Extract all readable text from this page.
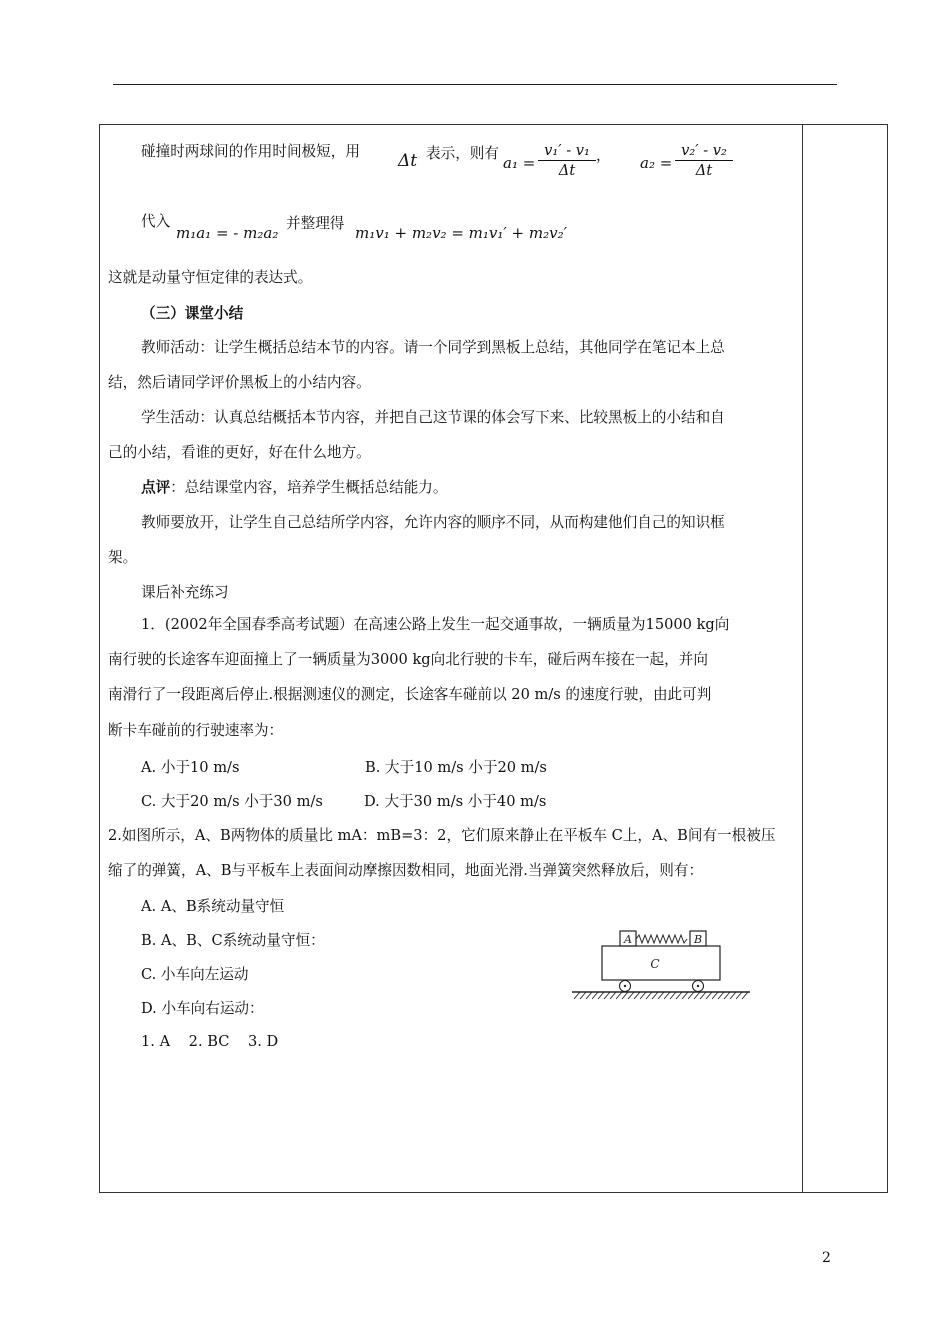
碰撞时两球间的作用时间极短，用 Δt 表示，则有
$a_1 = \frac{\text{v₁′ - v₁}}{\Delta t}$ ， $a_2 = \frac{\text{v₂′ - v₂}}{\Delta t}$
代入
m₁a₁ = - m₂a₂
并整理得
m₁v₁ + m₂v₂ = m₁v₁′ + m₂v₂′
这就是动量守恒定律的表达式。
（三）课堂小结
教师活动：让学生概括总结本节的内容。请一个同学到黑板上总结，其他同学在笔记本上总
结，然后请同学评价黑板上的小结内容。
学生活动：认真总结概括本节内容，并把自己这节课的体会写下来、比较黑板上的小结和自
己的小结，看谁的更好，好在什么地方。
点评：总结课堂内容，培养学生概括总结能力。
教师要放开，让学生自己总结所学内容，允许内容的顺序不同，从而构建他们自己的知识框
架。
课后补充练习
1．(2002年全国春季高考试题）在高速公路上发生一起交通事故，一辆质量为15000 kg向
南行驶的长途客车迎面撞上了一辆质量为3000 kg向北行驶的卡车，碰后两车接在一起，并向
南滑行了一段距离后停止.根据测速仪的测定，长途客车碰前以 20 m/s 的速度行驶，由此可判
断卡车碰前的行驶速率为：
A. 小于10 m/s	B. 大于10 m/s 小于20 m/s
C. 大于20 m/s 小于30 m/s	D. 大于30 m/s 小于40 m/s
2.如图所示，A、B两物体的质量比 mA：mB=3：2，它们原来静止在平板车 C上，A、B间有一根被压
缩了的弹簧，A、B与平板车上表面间动摩擦因数相同，地面光滑.当弹簧突然释放后，则有：
A. A、B系统动量守恒
B. A、B、C系统动量守恒：
C. 小车向左运动
D. 小车向右运动：
1. A    2. BC    3. D
A	B
C
2
